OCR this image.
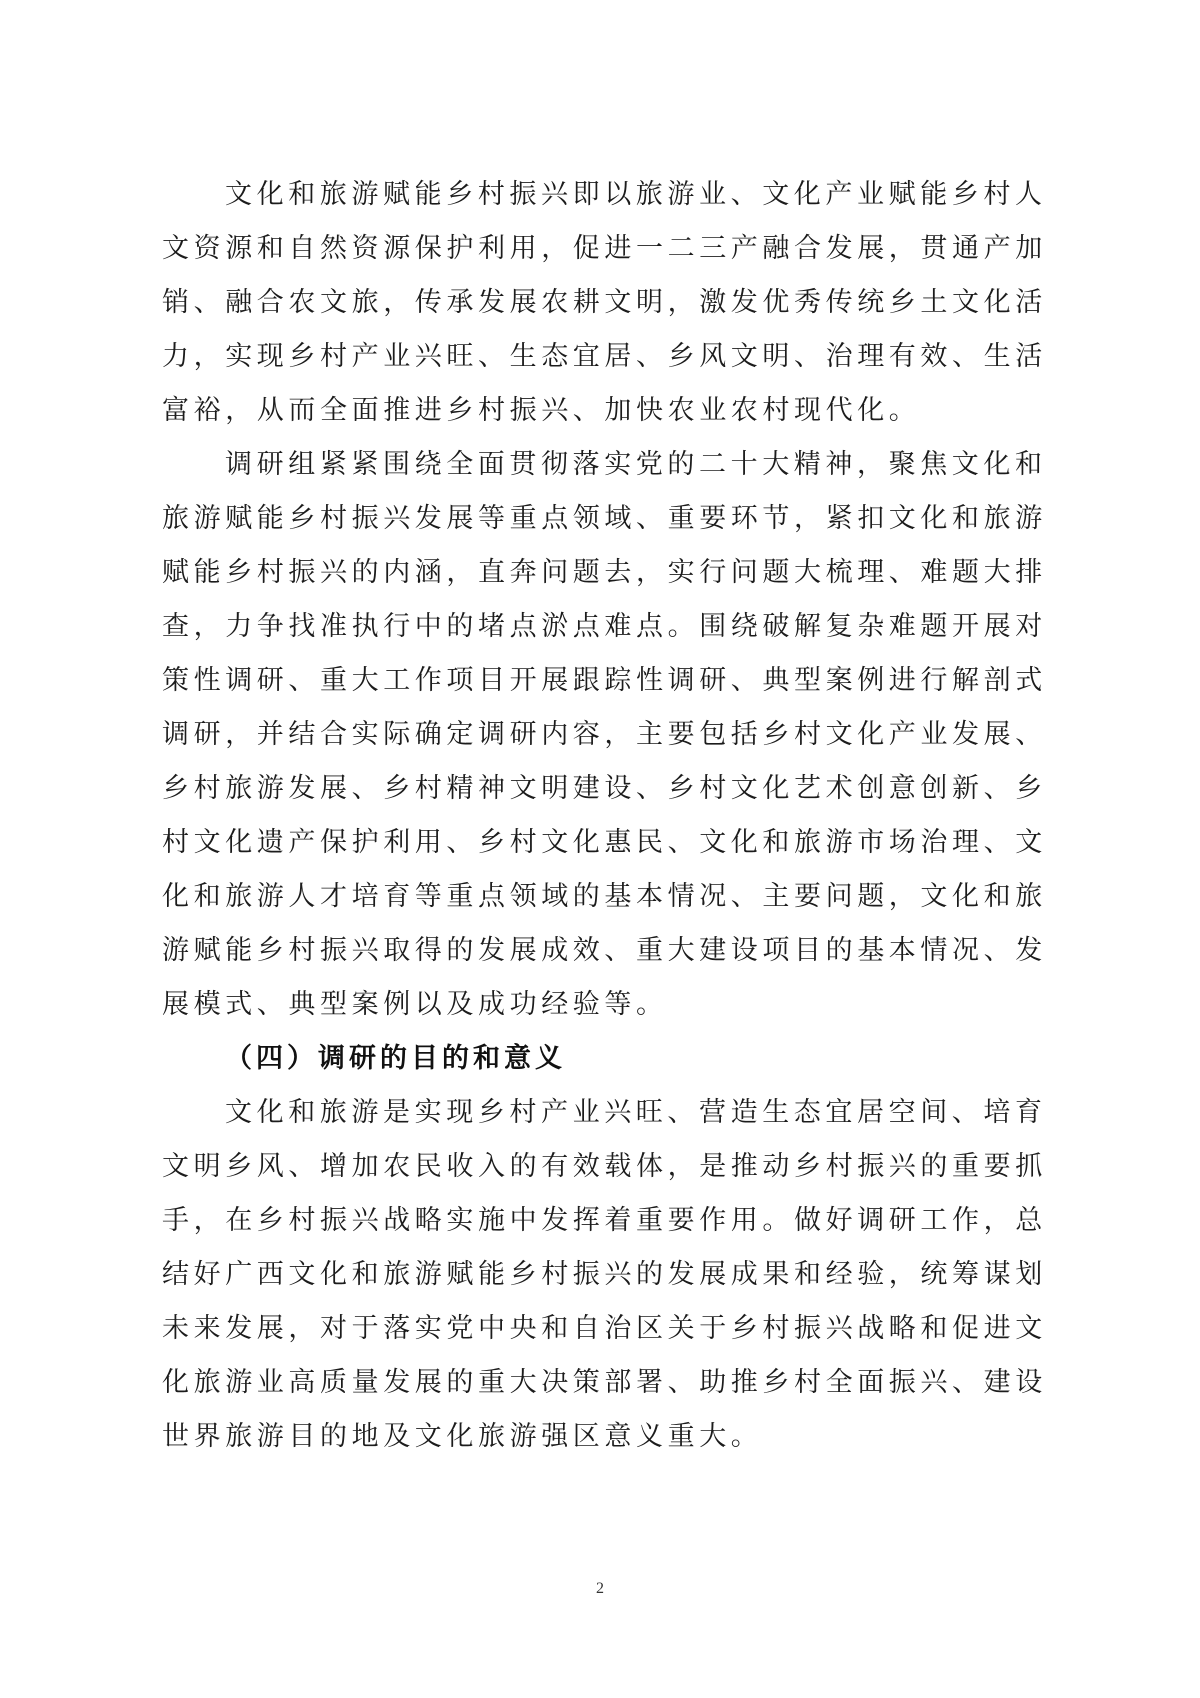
文化和旅游赋能乡村振兴即以旅游业、文化产业赋能乡村人
文资源和自然资源保护利用，促进一二三产融合发展，贯通产加
销、融合农文旅，传承发展农耕文明，激发优秀传统乡土文化活
力，实现乡村产业兴旺、生态宜居、乡风文明、治理有效、生活
富裕，从而全面推进乡村振兴、加快农业农村现代化。
调研组紧紧围绕全面贯彻落实党的二十大精神，聚焦文化和
旅游赋能乡村振兴发展等重点领域、重要环节，紧扣文化和旅游
赋能乡村振兴的内涵，直奔问题去，实行问题大梳理、难题大排
查，力争找准执行中的堵点淤点难点。围绕破解复杂难题开展对
策性调研、重大工作项目开展跟踪性调研、典型案例进行解剖式
调研，并结合实际确定调研内容，主要包括乡村文化产业发展、
乡村旅游发展、乡村精神文明建设、乡村文化艺术创意创新、乡
村文化遗产保护利用、乡村文化惠民、文化和旅游市场治理、文
化和旅游人才培育等重点领域的基本情况、主要问题，文化和旅
游赋能乡村振兴取得的发展成效、重大建设项目的基本情况、发
展模式、典型案例以及成功经验等。
（四）调研的目的和意义
文化和旅游是实现乡村产业兴旺、营造生态宜居空间、培育
文明乡风、增加农民收入的有效载体，是推动乡村振兴的重要抓
手，在乡村振兴战略实施中发挥着重要作用。做好调研工作，总
结好广西文化和旅游赋能乡村振兴的发展成果和经验，统筹谋划
未来发展，对于落实党中央和自治区关于乡村振兴战略和促进文
化旅游业高质量发展的重大决策部署、助推乡村全面振兴、建设
世界旅游目的地及文化旅游强区意义重大。
2
